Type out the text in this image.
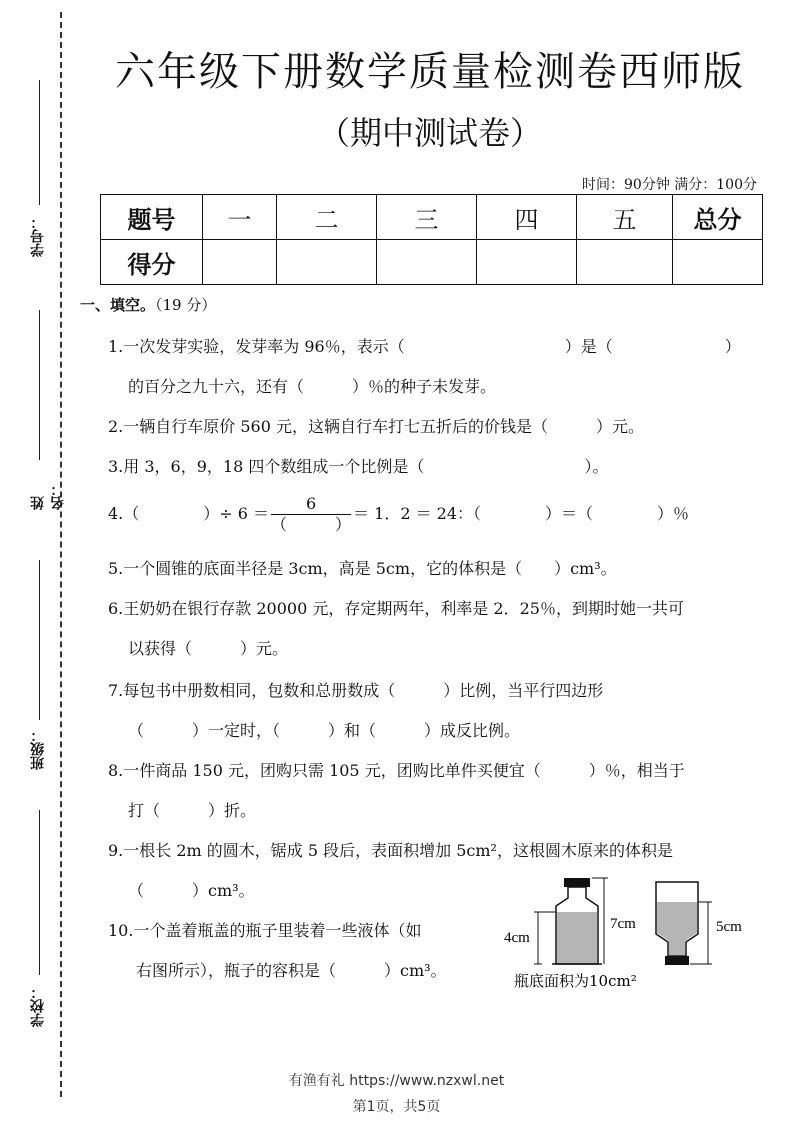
学号：
姓名：
班级：
学校：
六年级下册数学质量检测卷西师版
（期中测试卷）
时间：90分钟 满分：100分
题号	一	二	三	四	五	总分
得分						
一、填空。（19 分）
1.一次发芽实验，发芽率为 96％，表示（　　　　　　　　　　）是（　　　　　　　）
的百分之九十六，还有（　　　）％的种子未发芽。
2.一辆自行车原价 560 元，这辆自行车打七五折后的价钱是（　　　）元。
3.用 3，6，9，18 四个数组成一个比例是（　　　　　　　　　　）。
4.（　　　　）÷ $6 = \frac{6}{( )} = 1$．2 ＝ 24：（　　　　）＝（　　　　）％
5.一个圆锥的底面半径是 3cm，高是 5cm，它的体积是（　　）cm³。
6.王奶奶在银行存款 20000 元，存定期两年，利率是 2．25％，到期时她一共可
以获得（　　　）元。
7.每包书中册数相同，包数和总册数成（　　　）比例，当平行四边形
（　　　）一定时，（　　　）和（　　　）成反比例。
8.一件商品 150 元，团购只需 105 元，团购比单件买便宜（　　　）％，相当于
打（　　　）折。
9.一根长 2m 的圆木，锯成 5 段后，表面积增加 5cm²，这根圆木原来的体积是
（　　　）cm³。
10.一个盖着瓶盖的瓶子里装着一些液体（如
右图所示），瓶子的容积是（　　　）cm³。
4cm
7cm	5cm
瓶底面积为10cm²
有渔有礼 https://www.nzxwl.net
第1页，共5页
